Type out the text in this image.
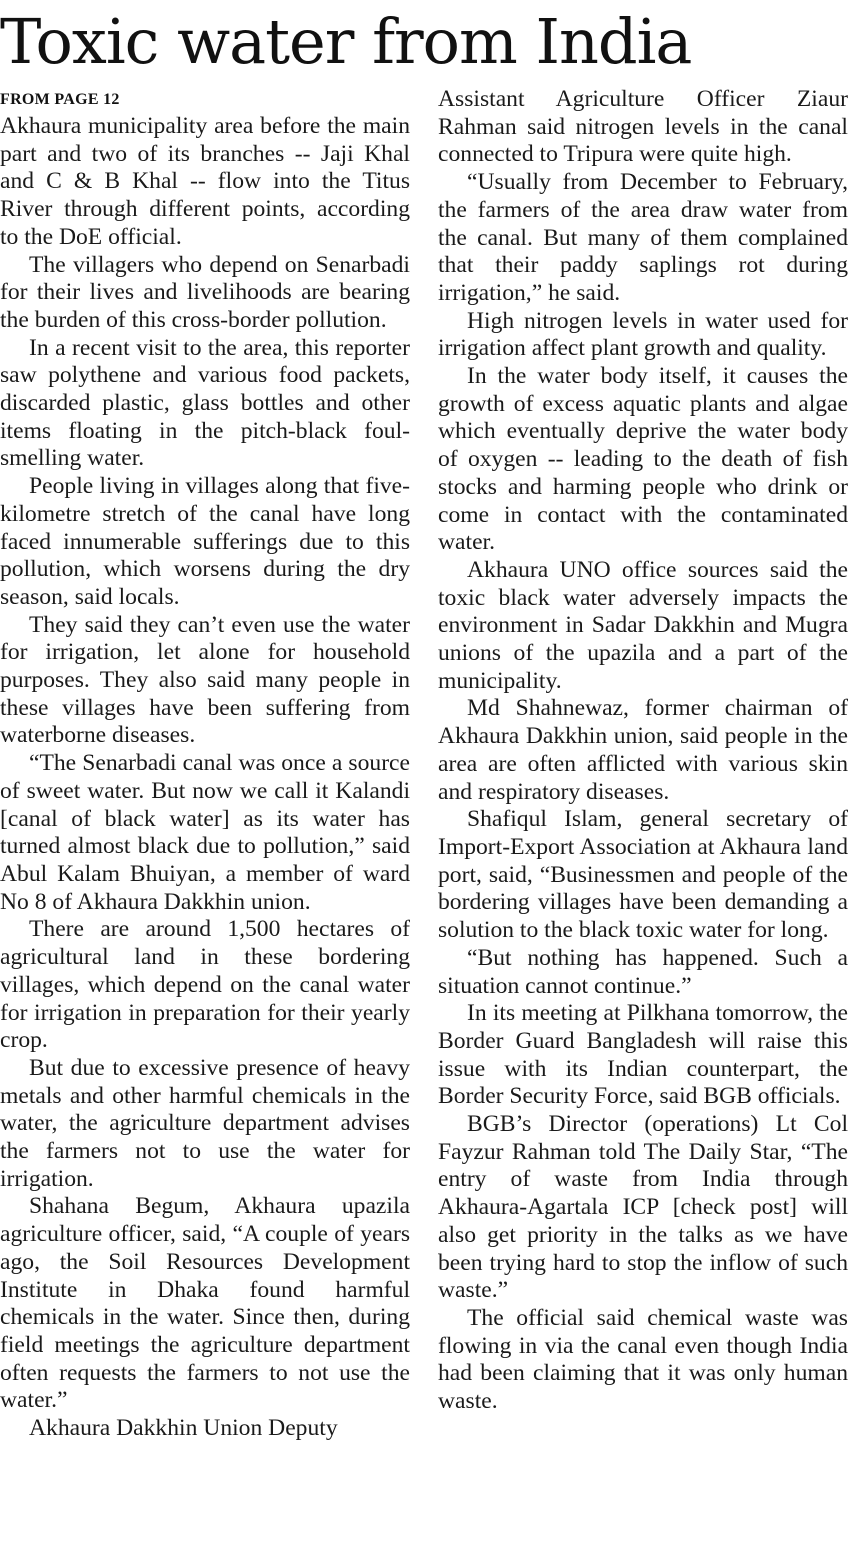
Toxic water from India
FROM PAGE 12

Akhaura municipality area before the main part and two of its branches -- Jaji Khal and C & B Khal -- flow into the Titus River through different points, according to the DoE official.

The villagers who depend on Senarbadi for their lives and livelihoods are bearing the burden of this cross-border pollution.

In a recent visit to the area, this reporter saw polythene and various food packets, discarded plastic, glass bottles and other items floating in the pitch-black foul-smelling water.

People living in villages along that five-kilometre stretch of the canal have long faced innumerable sufferings due to this pollution, which worsens during the dry season, said locals.

They said they can’t even use the water for irrigation, let alone for household purposes. They also said many people in these villages have been suffering from waterborne diseases.

“The Senarbadi canal was once a source of sweet water. But now we call it Kalandi [canal of black water] as its water has turned almost black due to pollution,” said Abul Kalam Bhuiyan, a member of ward No 8 of Akhaura Dakkhin union.

There are around 1,500 hectares of agricultural land in these bordering villages, which depend on the canal water for irrigation in preparation for their yearly crop.

But due to excessive presence of heavy metals and other harmful chemicals in the water, the agriculture department advises the farmers not to use the water for irrigation.

Shahana Begum, Akhaura upazila agriculture officer, said, “A couple of years ago, the Soil Resources Development Institute in Dhaka found harmful chemicals in the water. Since then, during field meetings the agriculture department often requests the farmers to not use the water.”

Akhaura Dakkhin Union Deputy

Assistant Agriculture Officer Ziaur Rahman said nitrogen levels in the canal connected to Tripura were quite high.

“Usually from December to February, the farmers of the area draw water from the canal. But many of them complained that their paddy saplings rot during irrigation,” he said.

High nitrogen levels in water used for irrigation affect plant growth and quality.

In the water body itself, it causes the growth of excess aquatic plants and algae which eventually deprive the water body of oxygen -- leading to the death of fish stocks and harming people who drink or come in contact with the contaminated water.

Akhaura UNO office sources said the toxic black water adversely impacts the environment in Sadar Dakkhin and Mugra unions of the upazila and a part of the municipality.

Md Shahnewaz, former chairman of Akhaura Dakkhin union, said people in the area are often afflicted with various skin and respiratory diseases.

Shafiqul Islam, general secretary of Import-Export Association at Akhaura land port, said, “Businessmen and people of the bordering villages have been demanding a solution to the black toxic water for long.

“But nothing has happened. Such a situation cannot continue.”

In its meeting at Pilkhana tomorrow, the Border Guard Bangladesh will raise this issue with its Indian counterpart, the Border Security Force, said BGB officials.

BGB’s Director (operations) Lt Col Fayzur Rahman told The Daily Star, “The entry of waste from India through Akhaura-Agartala ICP [check post] will also get priority in the talks as we have been trying hard to stop the inflow of such waste.”

The official said chemical waste was flowing in via the canal even though India had been claiming that it was only human waste.
